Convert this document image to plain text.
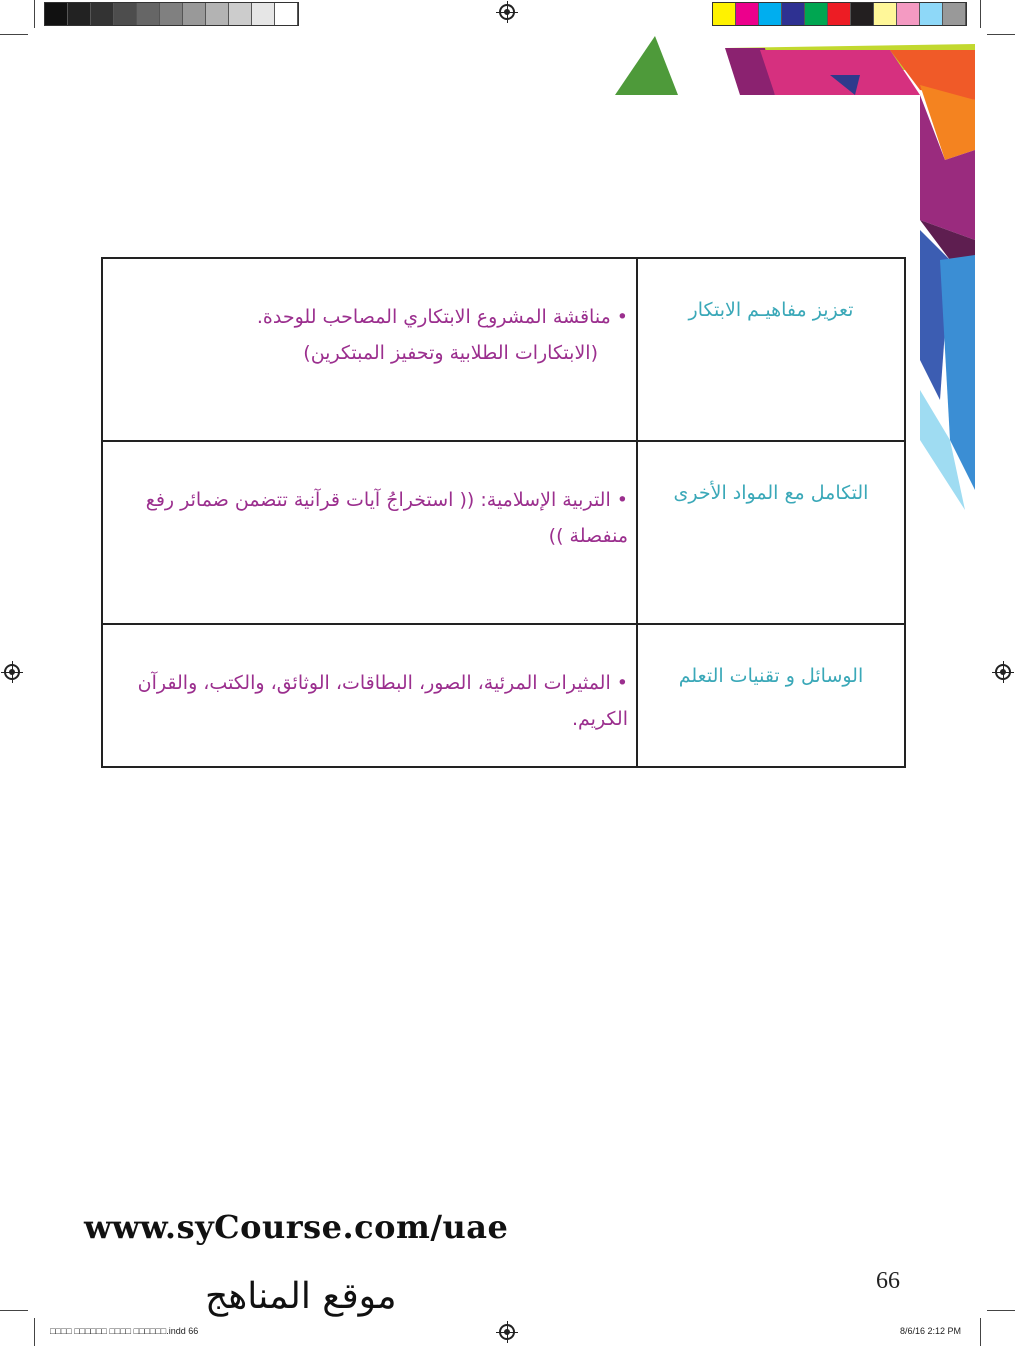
تعزيز مفاهيـم الابتكار	• مناقشة المشروع الابتكاري المصاحب للوحدة.

(الابتكارات الطلابية وتحفيز المبتكرين)

التكامل مع المواد الأخرى	• التربية الإسلامية: (( استخراجُ آيات قرآنية تتضمن ضمائر رفع
منفصلة ))
الوسائل و تقنيات التعلم	• المثيرات المرئية، الصور، البطاقات، الوثائق، والكتب، والقرآن الكريم.
www.syCourse.com/uae
66
موقع المناهج
□□□□ □□□□□□ □□□□ □□□□□□.indd 66	8/6/16 2:12 PM
